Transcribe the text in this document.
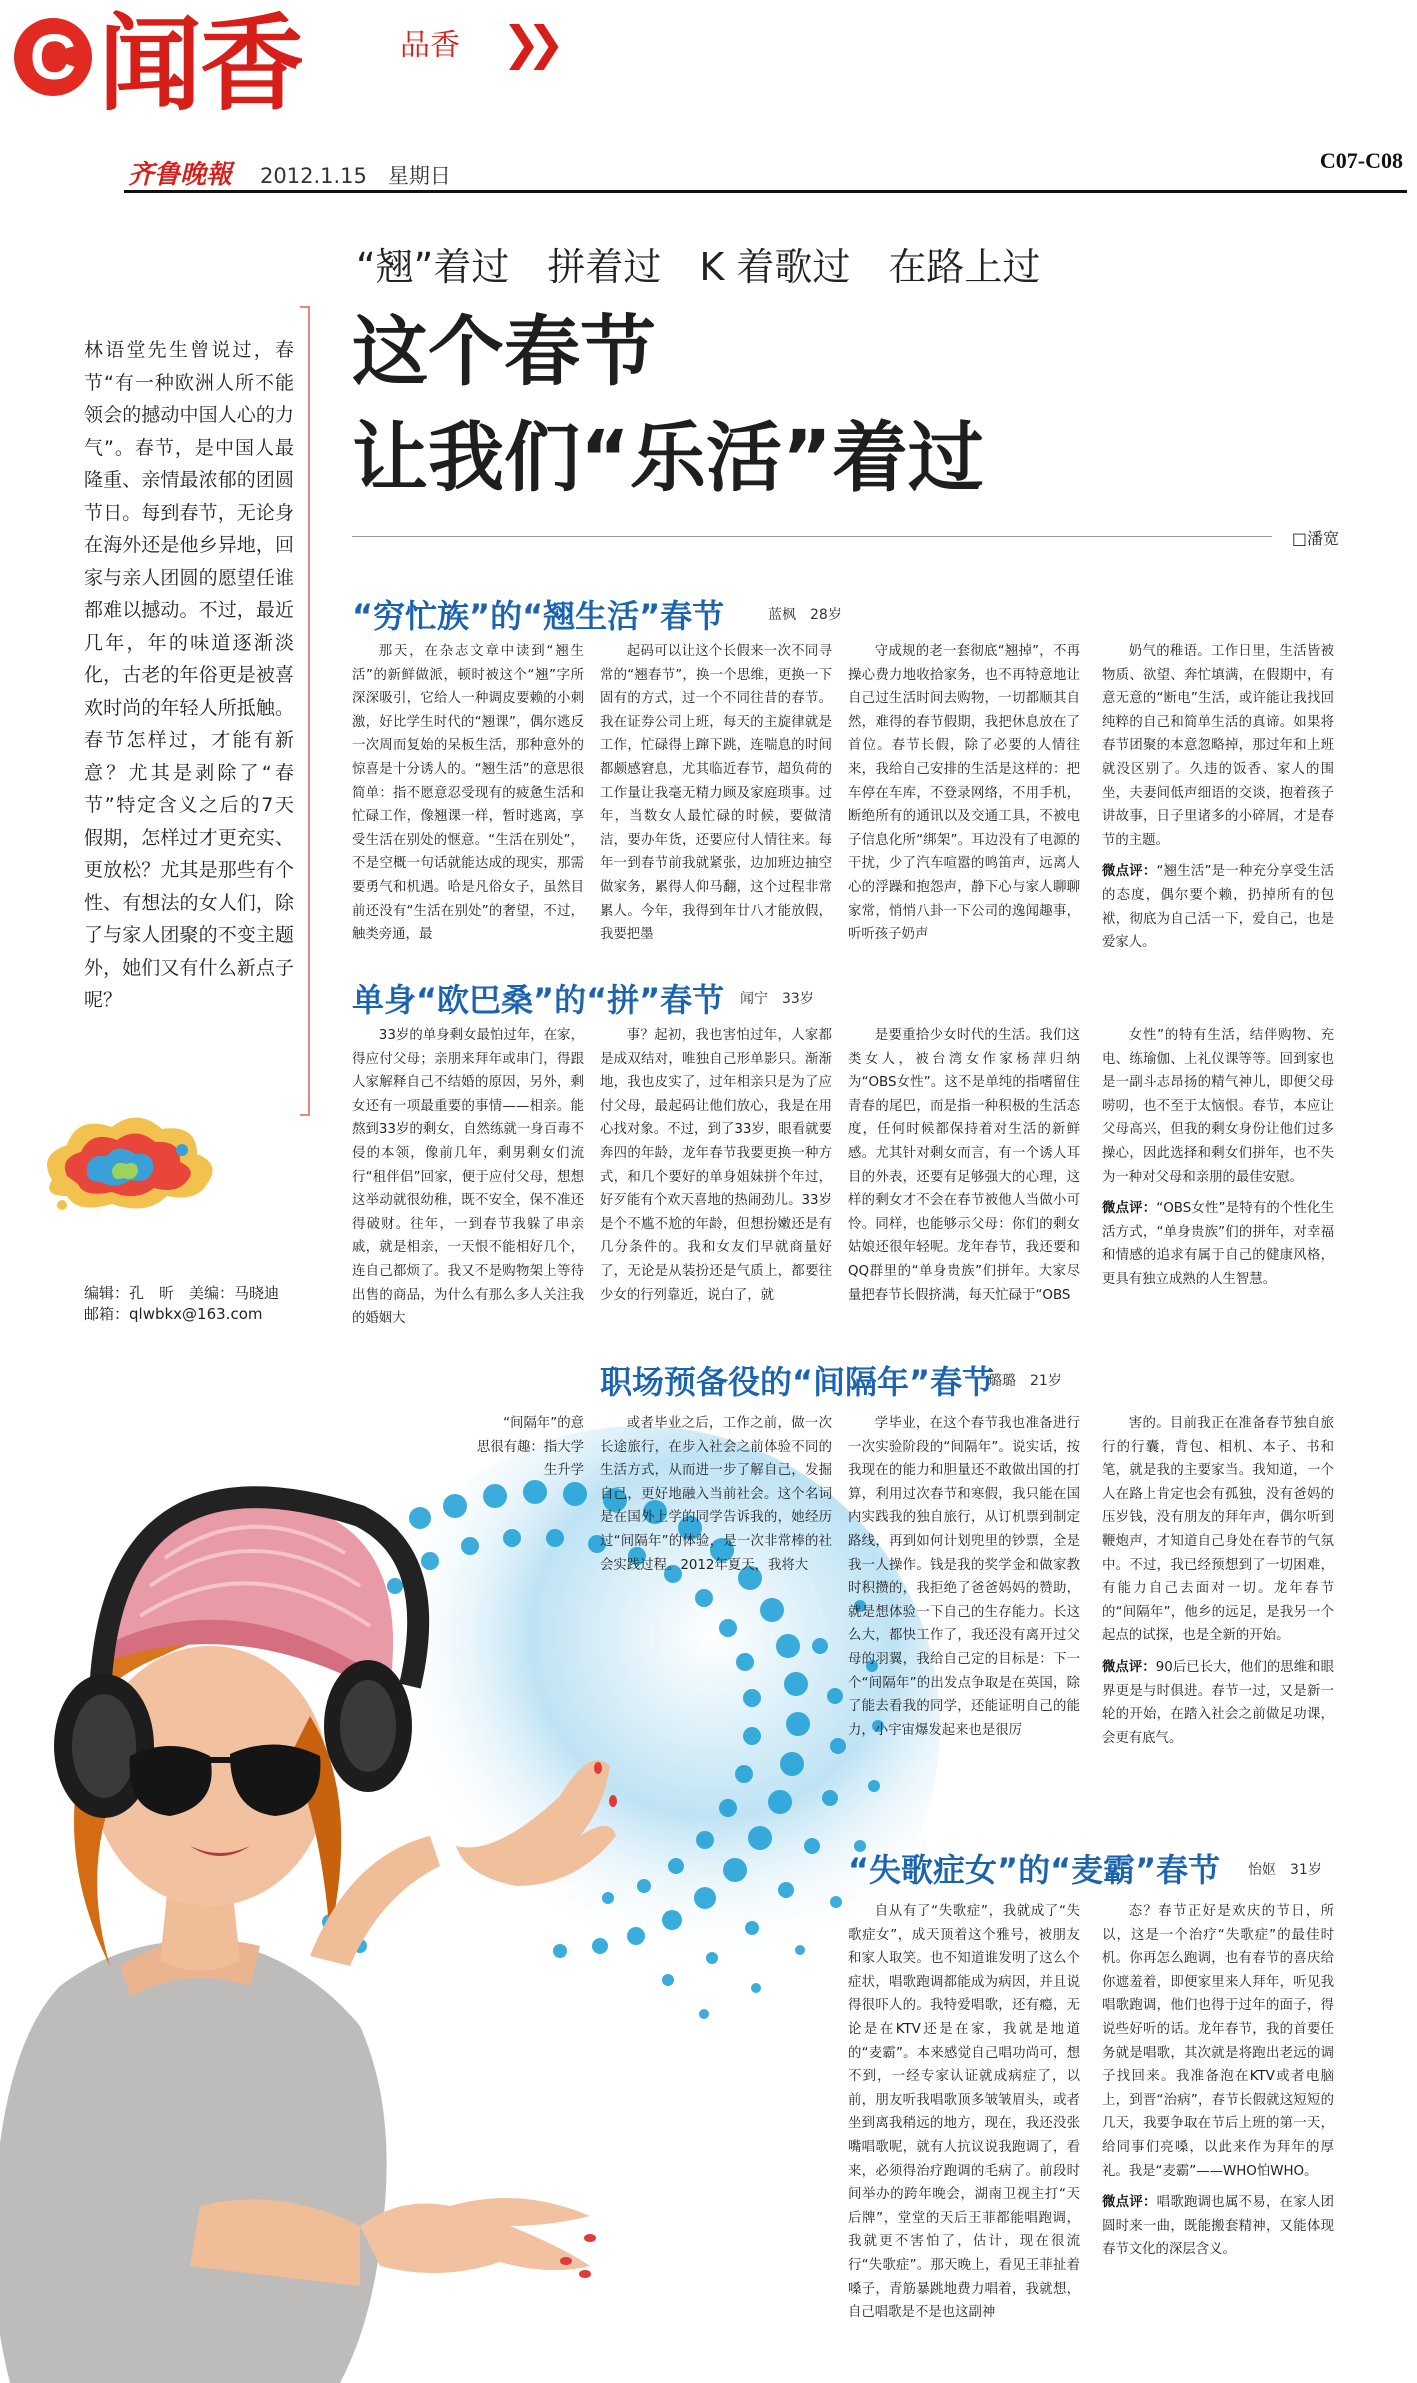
C 闻香	品香 ❯❯
齐鲁晚報 2012.1.15　星期日
C07-C08
“翘”着过　拼着过　K 着歌过　在路上过
这个春节
让我们“乐活”着过
□潘宽
林语堂先生曾说过，春节“有一种欧洲人所不能领会的撼动中国人心的力气”。春节，是中国人最隆重、亲情最浓郁的团圆节日。每到春节，无论身在海外还是他乡异地，回家与亲人团圆的愿望任谁都难以撼动。不过，最近几年，年的味道逐渐淡化，古老的年俗更是被喜欢时尚的年轻人所抵触。春节怎样过，才能有新意？尤其是剥除了“春节”特定含义之后的7天假期，怎样过才更充实、更放松？尤其是那些有个性、有想法的女人们，除了与家人团聚的不变主题外，她们又有什么新点子呢？
编辑：孔　昕　美编：马晓迪
邮箱：qlwbkx@163.com
“穷忙族”的“翘生活”春节	蓝枫　28岁

那天，在杂志文章中读到“翘生活”的新鲜做派，顿时被这个“翘”字所深深吸引，它给人一种调皮要赖的小刺激，好比学生时代的“翘课”，偶尔逃反一次周而复始的呆板生活，那种意外的惊喜是十分诱人的。“翘生活”的意思很简单：指不愿意忍受现有的疲惫生活和忙碌工作，像翘课一样，暂时逃离，享受生活在别处的惬意。“生活在别处”，不是空概一句话就能达成的现实，那需要勇气和机遇。哈是凡俗女子，虽然目前还没有“生活在别处”的奢望，不过，触类旁通，最

起码可以让这个长假来一次不同寻常的“翘春节”，换一个思维，更换一下固有的方式，过一个不同往昔的春节。我在证券公司上班，每天的主旋律就是工作，忙碌得上蹿下跳，连喘息的时间都颇感窘息，尤其临近春节，超负荷的工作量让我毫无精力顾及家庭琐事。过年，当数女人最忙碌的时候，要做清洁，要办年货，还要应付人情往来。每年一到春节前我就紧张，边加班边抽空做家务，累得人仰马翻，这个过程非常累人。今年，我得到年廿八才能放假，我要把墨

守成规的老一套彻底“翘掉”，不再操心费力地收拾家务，也不再特意地让自己过生活时间去购物，一切都顺其自然，难得的春节假期，我把休息放在了首位。春节长假，除了必要的人情往来，我给自己安排的生活是这样的：把车停在车库，不登录网络，不用手机，断绝所有的通讯以及交通工具，不被电子信息化所“绑架”。耳边没有了电源的干扰，少了汽车喧嚣的鸣笛声，远离人心的浮躁和抱怨声，静下心与家人聊聊家常，悄悄八卦一下公司的逸闻趣事，听听孩子奶声

奶气的稚语。工作日里，生活皆被物质、欲望、奔忙填满，在假期中，有意无意的“断电”生活，或许能让我找回纯粹的自己和简单生活的真谛。如果将春节团聚的本意忽略掉，那过年和上班就没区别了。久违的饭香、家人的围坐，夫妻间低声细语的交谈，抱着孩子讲故事，日子里诸多的小碎屑，才是春节的主题。

微点评：“翘生活”是一种充分享受生活的态度，偶尔要个赖，扔掉所有的包袱，彻底为自己活一下，爱自己，也是爱家人。

单身“欧巴桑”的“拼”春节 闻宁　33岁

33岁的单身剩女最怕过年，在家，得应付父母；亲朋来拜年或串门，得跟人家解释自己不结婚的原因，另外，剩女还有一项最重要的事情——相亲。能熬到33岁的剩女，自然练就一身百毒不侵的本领，像前几年，剩男剩女们流行“租伴侣”回家，便于应付父母，想想这举动就很幼稚，既不安全，保不准还得破财。往年，一到春节我躲了串亲戚，就是相亲，一天恨不能相好几个，连自己都烦了。我又不是购物架上等待出售的商品，为什么有那么多人关注我的婚姻大

事？起初，我也害怕过年，人家都是成双结对，唯独自己形单影只。渐渐地，我也皮实了，过年相亲只是为了应付父母，最起码让他们放心，我是在用心找对象。不过，到了33岁，眼看就要奔四的年龄，龙年春节我要更换一种方式，和几个要好的单身姐妹拼个年过，好歹能有个欢天喜地的热闹劲儿。33岁是个不尴不尬的年龄，但想扮嫩还是有几分条件的。我和女友们早就商量好了，无论是从装扮还是气质上，都要往少女的行列靠近，说白了，就

是要重拾少女时代的生活。我们这类女人，被台湾女作家杨萍归纳为“OBS女性”。这不是单纯的指嗜留住青春的尾巴，而是指一种积极的生活态度，任何时候都保持着对生活的新鲜感。尤其针对剩女而言，有一个诱人耳目的外表，还要有足够强大的心理，这样的剩女才不会在春节被他人当做小可怜。同样，也能够示父母：你们的剩女姑娘还很年轻呢。龙年春节，我还要和QQ群里的“单身贵族”们拼年。大家尽量把春节长假挤满，每天忙碌于“OBS

女性”的特有生活，结伴购物、充电、练瑜伽、上礼仪课等等。回到家也是一副斗志昂扬的精气神儿，即便父母唠叨，也不至于太恼恨。春节，本应让父母高兴，但我的剩女身份让他们过多操心，因此选择和剩女们拼年，也不失为一种对父母和亲朋的最佳安慰。

微点评：“OBS女性”是特有的个性化生活方式，“单身贵族”们的拼年，对幸福和情感的追求有属于自己的健康风格，更具有独立成熟的人生智慧。

职场预备役的“间隔年”春节
璐璐　21岁

“间隔年”的意思很有趣：指大学生升学

或者毕业之后，工作之前，做一次长途旅行，在步入社会之前体验不同的生活方式，从而进一步了解自己，发掘自己，更好地融入当前社会。这个名词是在国外上学的同学告诉我的，她经历过“间隔年”的体验，是一次非常棒的社会实践过程。2012年夏天，我将大

学毕业，在这个春节我也准备进行一次实验阶段的“间隔年”。说实话，按我现在的能力和胆量还不敢做出国的打算，利用过次春节和寒假，我只能在国内实践我的独自旅行，从订机票到制定路线，再到如何计划兜里的钞票，全是我一人操作。钱是我的奖学金和做家教时积攒的，我拒绝了爸爸妈妈的赞助，就是想体验一下自己的生存能力。长这么大，都快工作了，我还没有离开过父母的羽翼，我给自己定的目标是：下一个“间隔年”的出发点争取是在英国，除了能去看我的同学，还能证明自己的能力，小宇宙爆发起来也是很厉

害的。目前我正在准备春节独自旅行的行囊，背包、相机、本子、书和笔，就是我的主要家当。我知道，一个人在路上肯定也会有孤独，没有爸妈的压岁钱，没有朋友的拜年声，偶尔听到鞭炮声，才知道自己身处在春节的气氛中。不过，我已经预想到了一切困难，有能力自己去面对一切。龙年春节的“间隔年”，他乡的远足，是我另一个起点的试探，也是全新的开始。

微点评：90后已长大，他们的思维和眼界更是与时俱进。春节一过，又是新一轮的开始，在踏入社会之前做足功课，会更有底气。

“失歌症女”的“麦霸”春节 怡妪　31岁

自从有了“失歌症”，我就成了“失歌症女”，成天顶着这个雅号，被朋友和家人取笑。也不知道谁发明了这么个症状，唱歌跑调都能成为病因，并且说得很吓人的。我特爱唱歌，还有瘾，无论是在KTV还是在家，我就是地道的“麦霸”。本来感觉自己唱功尚可，想不到，一经专家认证就成病症了，以前，朋友听我唱歌顶多皱皱眉头，或者坐到离我稍远的地方，现在，我还没张嘴唱歌呢，就有人抗议说我跑调了，看来，必须得治疗跑调的毛病了。前段时间举办的跨年晚会，湖南卫视主打“天后牌”，堂堂的天后王菲都能唱跑调，我就更不害怕了，估计，现在很流行“失歌症”。那天晚上，看见王菲扯着嗓子，青筋暴跳地费力唱着，我就想，自己唱歌是不是也这副神

态？春节正好是欢庆的节日，所以，这是一个治疗“失歌症”的最佳时机。你再怎么跑调，也有春节的喜庆给你遮羞着，即便家里来人拜年，听见我唱歌跑调，他们也得于过年的面子，得说些好听的话。龙年春节，我的首要任务就是唱歌，其次就是将跑出老远的调子找回来。我准备泡在KTV或者电脑上，到晋“治病”，春节长假就这短短的几天，我要争取在节后上班的第一天，给同事们亮嗓，以此来作为拜年的厚礼。我是“麦霸”——WHO怕WHO。

微点评：唱歌跑调也属不易，在家人团圆时来一曲，既能搬套精神，又能体现春节文化的深层含义。
